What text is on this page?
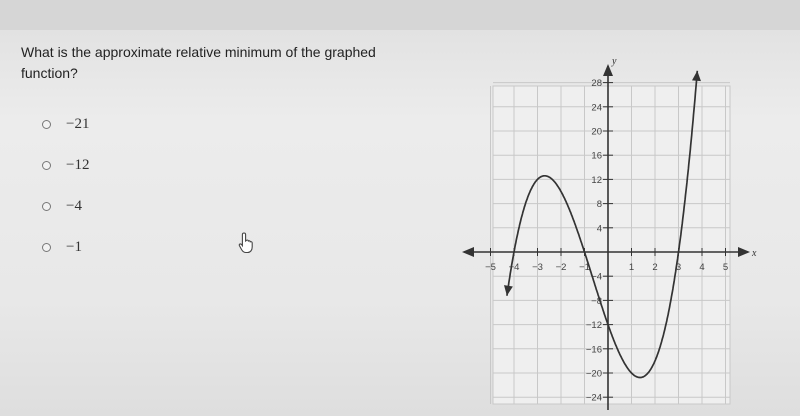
What is the approximate relative minimum of the graphed function?
−21
−12
−4
−1	x
y
−5 −4 −3 −2 −1	1 2 3 4 5
28
24
20
16
12
8
4
−4
−8
−12
−16
−20
−24
